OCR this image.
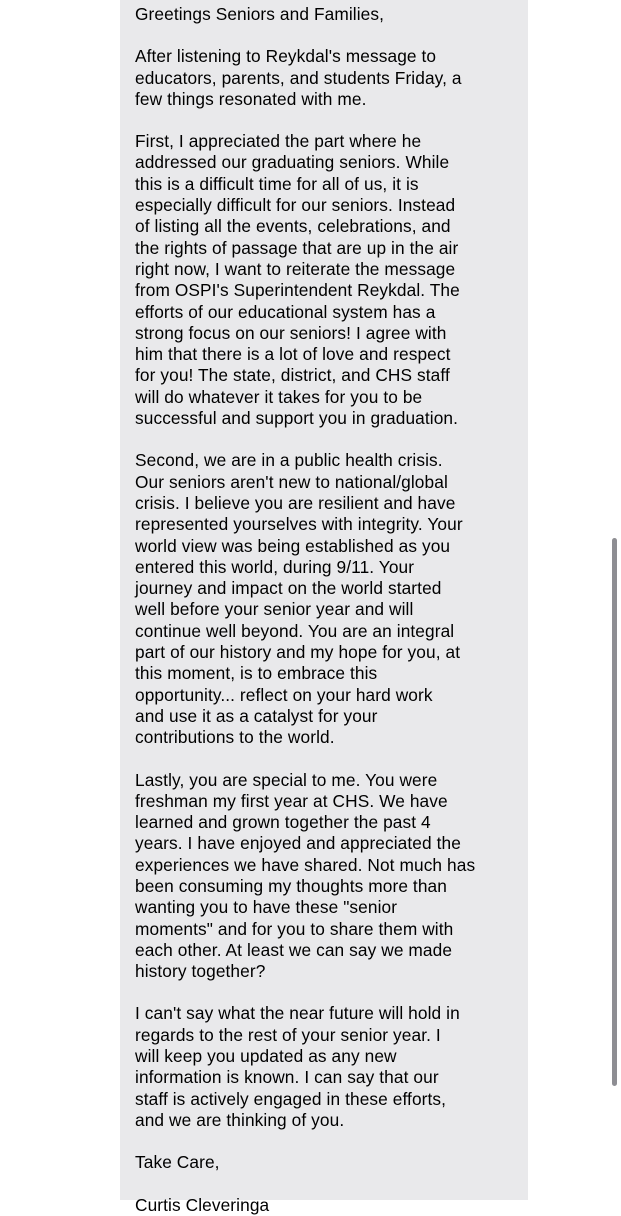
Greetings Seniors and Families,

After listening to Reykdal's message to
educators, parents, and students Friday, a
few things resonated with me.

First, I appreciated the part where he
addressed our graduating seniors. While
this is a difficult time for all of us, it is
especially difficult for our seniors. Instead
of listing all the events, celebrations, and
the rights of passage that are up in the air
right now, I want to reiterate the message
from OSPI's Superintendent Reykdal. The
efforts of our educational system has a
strong focus on our seniors! I agree with
him that there is a lot of love and respect
for you! The state, district, and CHS staff
will do whatever it takes for you to be
successful and support you in graduation.

Second, we are in a public health crisis.
Our seniors aren't new to national/global
crisis. I believe you are resilient and have
represented yourselves with integrity. Your
world view was being established as you
entered this world, during 9/11. Your
journey and impact on the world started
well before your senior year and will
continue well beyond. You are an integral
part of our history and my hope for you, at
this moment, is to embrace this
opportunity... reflect on your hard work
and use it as a catalyst for your
contributions to the world.

Lastly, you are special to me. You were
freshman my first year at CHS. We have
learned and grown together the past 4
years. I have enjoyed and appreciated the
experiences we have shared. Not much has
been consuming my thoughts more than
wanting you to have these "senior
moments" and for you to share them with
each other. At least we can say we made
history together?

I can't say what the near future will hold in
regards to the rest of your senior year. I
will keep you updated as any new
information is known. I can say that our
staff is actively engaged in these efforts,
and we are thinking of you.

Take Care,

Curtis Cleveringa
